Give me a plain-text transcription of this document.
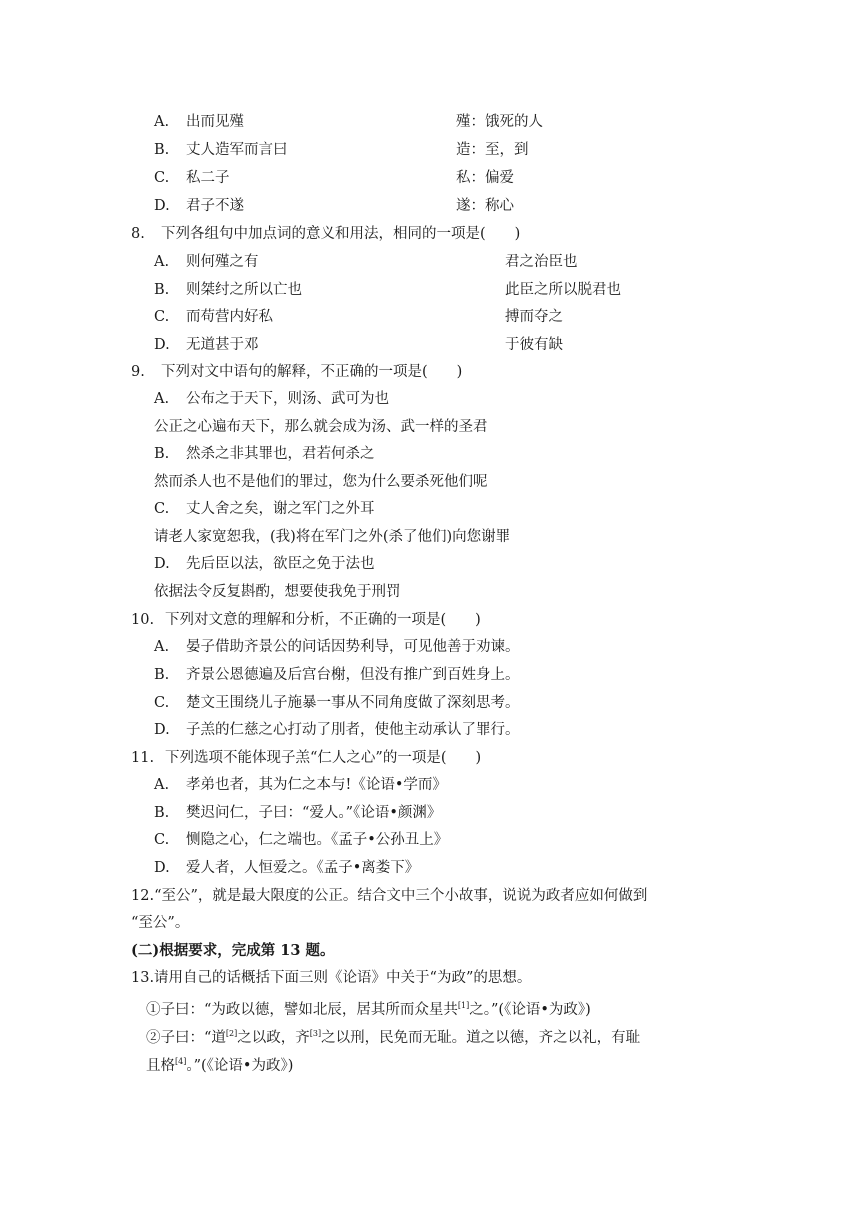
A. 出而见殣	殣：饿死的人
B. 丈人造军而言曰	造：至，到
C. 私二子	私：偏爱
D. 君子不遂	遂：称心
8. 下列各组句中加点词的意义和用法，相同的一项是(　　)
A. 则何殣之有	君之治臣也
B. 则桀纣之所以亡也	此臣之所以脱君也
C. 而苟营内好私	搏而夺之
D. 无道甚于邓	于彼有缺
9. 下列对文中语句的解释，不正确的一项是(　　)
A. 公布之于天下，则汤、武可为也
公正之心遍布天下，那么就会成为汤、武一样的圣君
B. 然杀之非其罪也，君若何杀之
然而杀人也不是他们的罪过，您为什么要杀死他们呢
C. 丈人舍之矣，谢之军门之外耳
请老人家宽恕我，(我)将在军门之外(杀了他们)向您谢罪
D. 先后臣以法，欲臣之免于法也
依据法令反复斟酌，想要使我免于刑罚
10. 下列对文意的理解和分析，不正确的一项是(　　)
A. 晏子借助齐景公的问话因势利导，可见他善于劝谏。
B. 齐景公恩德遍及后宫台榭，但没有推广到百姓身上。
C. 楚文王围绕儿子施暴一事从不同角度做了深刻思考。
D. 子羔的仁慈之心打动了刖者，使他主动承认了罪行。
11. 下列选项不能体现子羔“仁人之心”的一项是(　　)
A. 孝弟也者，其为仁之本与!《论语•学而》
B. 樊迟问仁，子曰：“爱人。”《论语•颜渊》
C. 恻隐之心，仁之端也。《孟子•公孙丑上》
D. 爱人者，人恒爱之。《孟子•离娄下》
12.“至公”，就是最大限度的公正。结合文中三个小故事，说说为政者应如何做到
“至公”。
(二)根据要求，完成第 13 题。
13.请用自己的话概括下面三则《论语》中关于“为政”的思想。
①子曰：“为政以德，譬如北辰，居其所而众星共[1]之。”(《论语•为政》)
②子曰：“道[2]之以政，齐[3]之以刑，民免而无耻。道之以德，齐之以礼，有耻
且格[4]。”(《论语•为政》)
